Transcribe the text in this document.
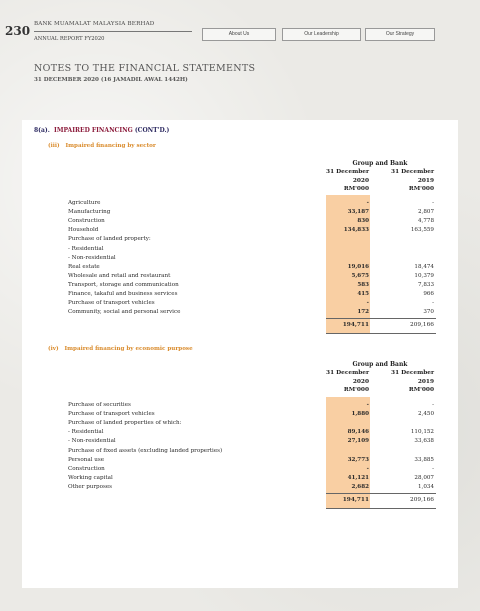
230 BANK MUAMALAT MALAYSIA BERHAD
ANNUAL REPORT FY2020
About Us	Our Leadership	Our Strategy
NOTES TO THE FINANCIAL STATEMENTS
31 DECEMBER 2020 (16 JAMADIL AWAL 1442H)
8(a). IMPAIRED FINANCING (CONT'D.)
(iii)   Impaired financing by sector
Group and Bank
31 December
2020
RM'000
31 December
2019
RM'000
Agriculture	-	-
Manufacturing	33,187	2,807
Construction	830	4,778
Household	134,833	163,559
Purchase of landed property:
- Residential
- Non-residential
Real estate	19,016	18,474
Wholesale and retail and restaurant	5,675	10,379
Transport, storage and communication	583	7,833
Finance, takaful and business services	415	966
Purchase of transport vehicles	-	-
Community, social and personal service	172	370
194,711	209,166
(iv)   Impaired financing by economic purpose
Group and Bank
31 December
2020
RM'000
31 December
2019
RM'000
Purchase of securities	-	-
Purchase of transport vehicles	1,880	2,450
Purchase of landed properties of which:
- Residential	89,146	110,152
- Non-residential	27,109	33,638
Purchase of fixed assets (excluding landed properties)
Personal use	32,773	33,885
Construction	-	-
Working capital	41,121	28,007
Other purposes	2,682	1,034
194,711	209,166
